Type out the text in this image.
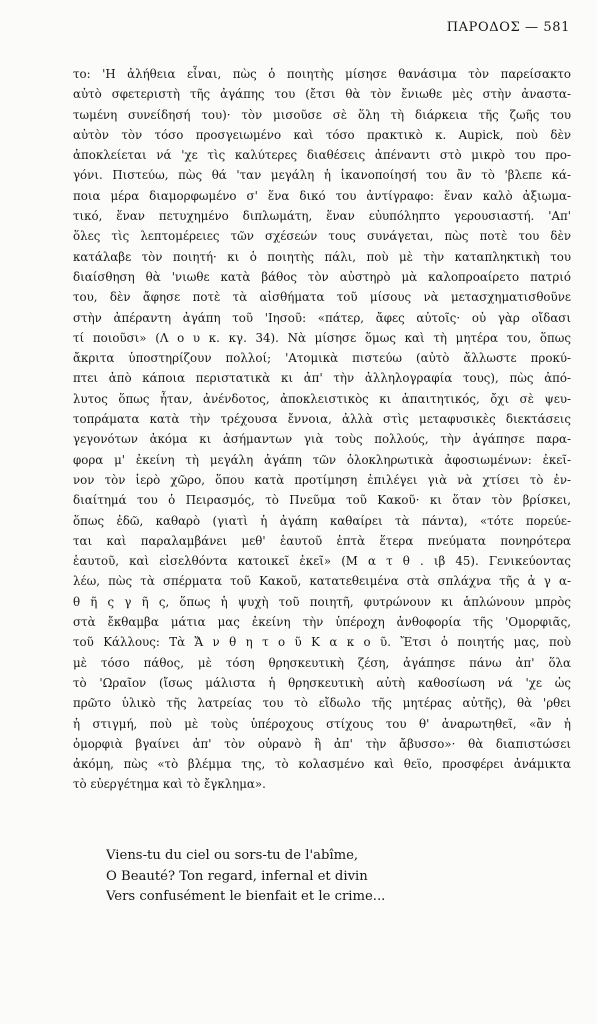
ΠΑΡΟΔΟΣ — 581
το: 'Η ἀλήθεια εἶναι, πὼς ὁ ποιητὴς μίσησε θανάσιμα τὸν παρείσακτο
αὐτὸ σφετεριστὴ τῆς ἀγάπης του (ἔτσι θὰ τὸν ἔνιωθε μὲς στὴν ἀναστα-
τωμένη συνείδησή του)· τὸν μισοῦσε σὲ ὅλη τὴ διάρκεια τῆς ζωῆς του
αὐτὸν τὸν τόσο προσγειωμένο καὶ τόσο πρακτικὸ κ. Aupick, ποὺ δὲν
ἀποκλείεται νά 'χε τὶς καλύτερες διαθέσεις ἀπέναντι στὸ μικρὸ του προ-
γόνι. Πιστεύω, πὼς θά 'ταν μεγάλη ἡ ἱκανοποίησή του ἂν τὸ 'βλεπε κά-
ποια μέρα διαμορφωμένο σ' ἕνα δικό του ἀντίγραφο: ἕναν καλὸ ἀξιωμα-
τικό, ἕναν πετυχημένο διπλωμάτη, ἕναν εὐυπόληπτο γερουσιαστή. 'Απ'
ὅλες τὶς λεπτομέρειες τῶν σχέσεών τους συνάγεται, πὼς ποτὲ του δὲν
κατάλαβε τὸν ποιητή· κι ὁ ποιητὴς πάλι, ποὺ μὲ τὴν καταπληκτικὴ του
διαίσθηση θὰ 'νιωθε κατὰ βάθος τὸν αὐστηρὸ μὰ καλοπροαίρετο πατριό
του, δὲν ἄφησε ποτὲ τὰ αἰσθήματα τοῦ μίσους νὰ μετασχηματισθοῦνε
στὴν ἀπέραντη ἀγάπη τοῦ 'Ιησοῦ: «πάτερ, ἄφες αὐτοῖς· οὐ γὰρ οἴδασι
τί ποιοῦσι» (Λ ο υ κ. κγ. 34). Νὰ μίσησε ὅμως καὶ τὴ μητέρα του, ὅπως
ἄκριτα ὑποστηρίζουν πολλοί; 'Ατομικὰ πιστεύω (αὐτὸ ἄλλωστε προκύ-
πτει ἀπὸ κάποια περιστατικὰ κι ἀπ' τὴν ἀλληλογραφία τους), πὼς ἀπό-
λυτος ὅπως ἦταν, ἀνένδοτος, ἀποκλειστικὸς κι ἀπαιτητικός, ὄχι σὲ ψευ-
τοπράματα κατὰ τὴν τρέχουσα ἔννοια, ἀλλὰ στὶς μεταφυσικὲς διεκτάσεις
γεγονότων ἀκόμα κι ἀσήμαντων γιὰ τοὺς πολλούς, τὴν ἀγάπησε παρα-
φορα μ' ἐκείνη τὴ μεγάλη ἀγάπη τῶν ὁλοκληρωτικὰ ἀφοσιωμένων: ἐκεῖ-
νον τὸν ἱερὸ χῶρο, ὅπου κατὰ προτίμηση ἐπιλέγει γιὰ νὰ χτίσει τὸ ἐν-
διαίτημά του ὁ Πειρασμός, τὸ Πνεῦμα τοῦ Κακοῦ· κι ὅταν τὸν βρίσκει,
ὅπως ἐδῶ, καθαρὸ (γιατὶ ἡ ἀγάπη καθαίρει τὰ πάντα), «τότε πορεύε-
ται καὶ παραλαμβάνει μεθ' ἑαυτοῦ ἑπτὰ ἕτερα πνεύματα πονηρότερα
ἑαυτοῦ, καὶ εἰσελθόντα κατοικεῖ ἐκεῖ» (Μ α τ θ . ιβ 45). Γενικεύοντας
λέω, πὼς τὰ σπέρματα τοῦ Κακοῦ, κατατεθειμένα στὰ σπλάχνα τῆς ἀ γ α-
θ ῆ ς γ ῆ ς, ὅπως ἡ ψυχὴ τοῦ ποιητῆ, φυτρώνουν κι ἁπλώνουν μπρὸς
στὰ ἔκθαμβα μάτια μας ἐκείνη τὴν ὑπέροχη ἀνθοφορία τῆς 'Ομορφιᾶς,
τοῦ Κάλλους: Τὰ Ἄ ν θ η τ ο ῦ Κ α κ ο ῦ. Ἔτσι ὁ ποιητής μας, ποὺ
μὲ τόσο πάθος, μὲ τόση θρησκευτικὴ ζέση, ἀγάπησε πάνω ἀπ' ὅλα
τὸ 'Ωραῖον (ἴσως μάλιστα ἡ θρησκευτικὴ αὐτὴ καθοσίωση νά 'χε ὡς
πρῶτο ὑλικὸ τῆς λατρείας του τὸ εἴδωλο τῆς μητέρας αὐτῆς), θὰ 'ρθει
ἡ στιγμή, ποὺ μὲ τοὺς ὑπέροχους στίχους του θ' ἀναρωτηθεῖ, «ἂν ἡ
ὀμορφιὰ βγαίνει ἀπ' τὸν οὐρανὸ ἢ ἀπ' τὴν ἄβυσσο»· θὰ διαπιστώσει
ἀκόμη, πὼς «τὸ βλέμμα της, τὸ κολασμένο καὶ θεϊο, προσφέρει ἀνάμικτα
τὸ εὐεργέτημα καὶ τὸ ἔγκλημα».
Viens-tu du ciel ou sors-tu de l'abîme,
O Beauté? Ton regard, infernal et divin
Vers confusément le bienfait et le crime...
